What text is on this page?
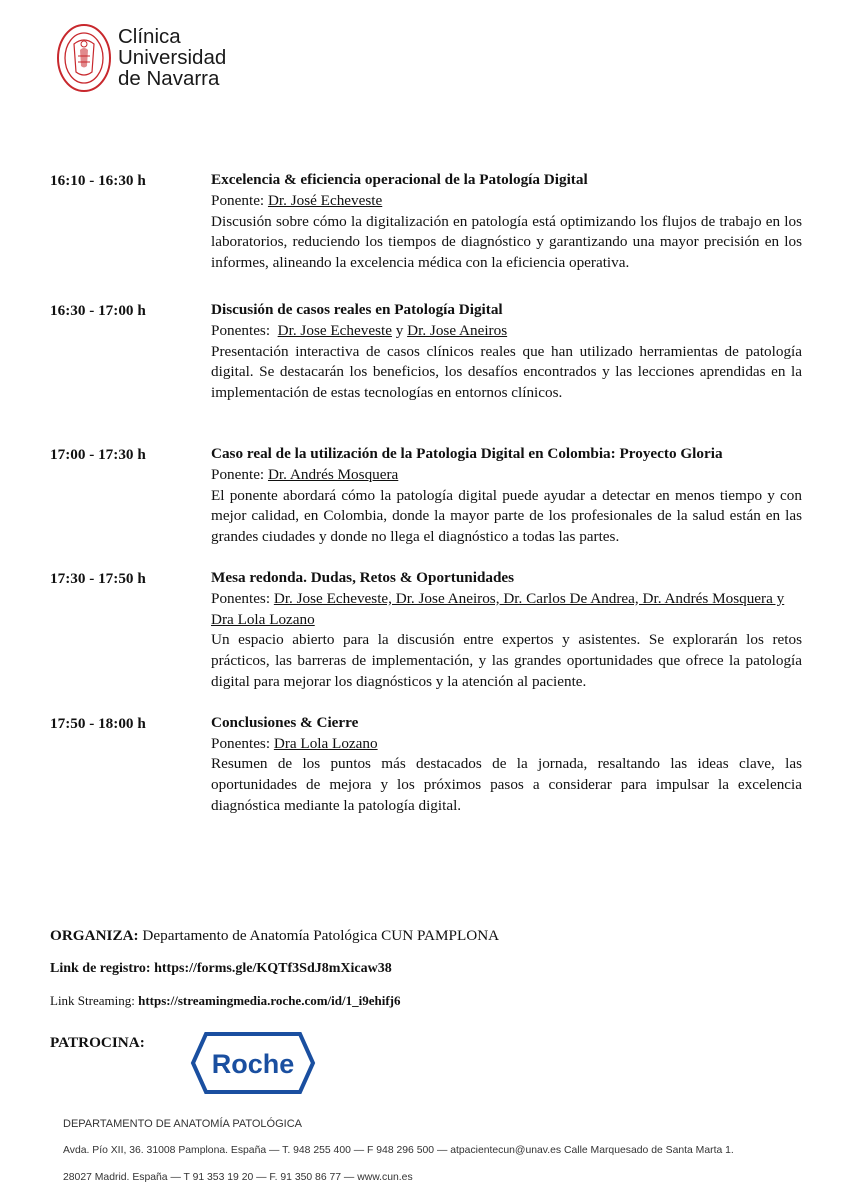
Clínica
Universidad
de Navarra
16:10 - 16:30 h	Excelencia & eficiencia operacional de la Patología Digital
Ponente: Dr. José Echeveste
Discusión sobre cómo la digitalización en patología está optimizando los flujos de trabajo en los laboratorios, reduciendo los tiempos de diagnóstico y garantizando una mayor precisión en los informes, alineando la excelencia médica con la eficiencia operativa.
16:30 - 17:00 h	Discusión de casos reales en Patología Digital
Ponentes:  Dr. Jose Echeveste y Dr. Jose Aneiros
Presentación interactiva de casos clínicos reales que han utilizado herramientas de patología digital. Se destacarán los beneficios, los desafíos encontrados y las lecciones aprendidas en la implementación de estas tecnologías en entornos clínicos.
17:00 - 17:30 h	Caso real de la utilización de la Patologia Digital en Colombia: Proyecto Gloria
Ponente: Dr. Andrés Mosquera
El ponente abordará cómo la patología digital puede ayudar a detectar en menos tiempo y con mejor calidad, en Colombia, donde la mayor parte de los profesionales de la salud están en las grandes ciudades y donde no llega el diagnóstico a todas las partes.
17:30 - 17:50 h	Mesa redonda. Dudas, Retos & Oportunidades
Ponentes: Dr. Jose Echeveste, Dr. Jose Aneiros, Dr. Carlos De Andrea, Dr. Andrés Mosquera y Dra Lola Lozano
Un espacio abierto para la discusión entre expertos y asistentes. Se explorarán los retos prácticos, las barreras de implementación, y las grandes oportunidades que ofrece la patología digital para mejorar los diagnósticos y la atención al paciente.
17:50 - 18:00 h	Conclusiones & Cierre
Ponentes: Dra Lola Lozano
Resumen de los puntos más destacados de la jornada, resaltando las ideas clave, las oportunidades de mejora y los próximos pasos a considerar para impulsar la excelencia diagnóstica mediante la patología digital.
ORGANIZA: Departamento de Anatomía Patológica CUN PAMPLONA
Link de registro: https://forms.gle/KQTf3SdJ8mXicaw38
Link Streaming: https://streamingmedia.roche.com/id/1_i9ehifj6
PATROCINA:
Roche
DEPARTAMENTO DE ANATOMÍA PATOLÓGICA
Avda. Pío XII, 36. 31008 Pamplona. España — T. 948 255 400 — F 948 296 500 — atpacientecun@unav.es Calle Marquesado de Santa Marta 1.
28027 Madrid. España — T 91 353 19 20 — F. 91 350 86 77 — www.cun.es
